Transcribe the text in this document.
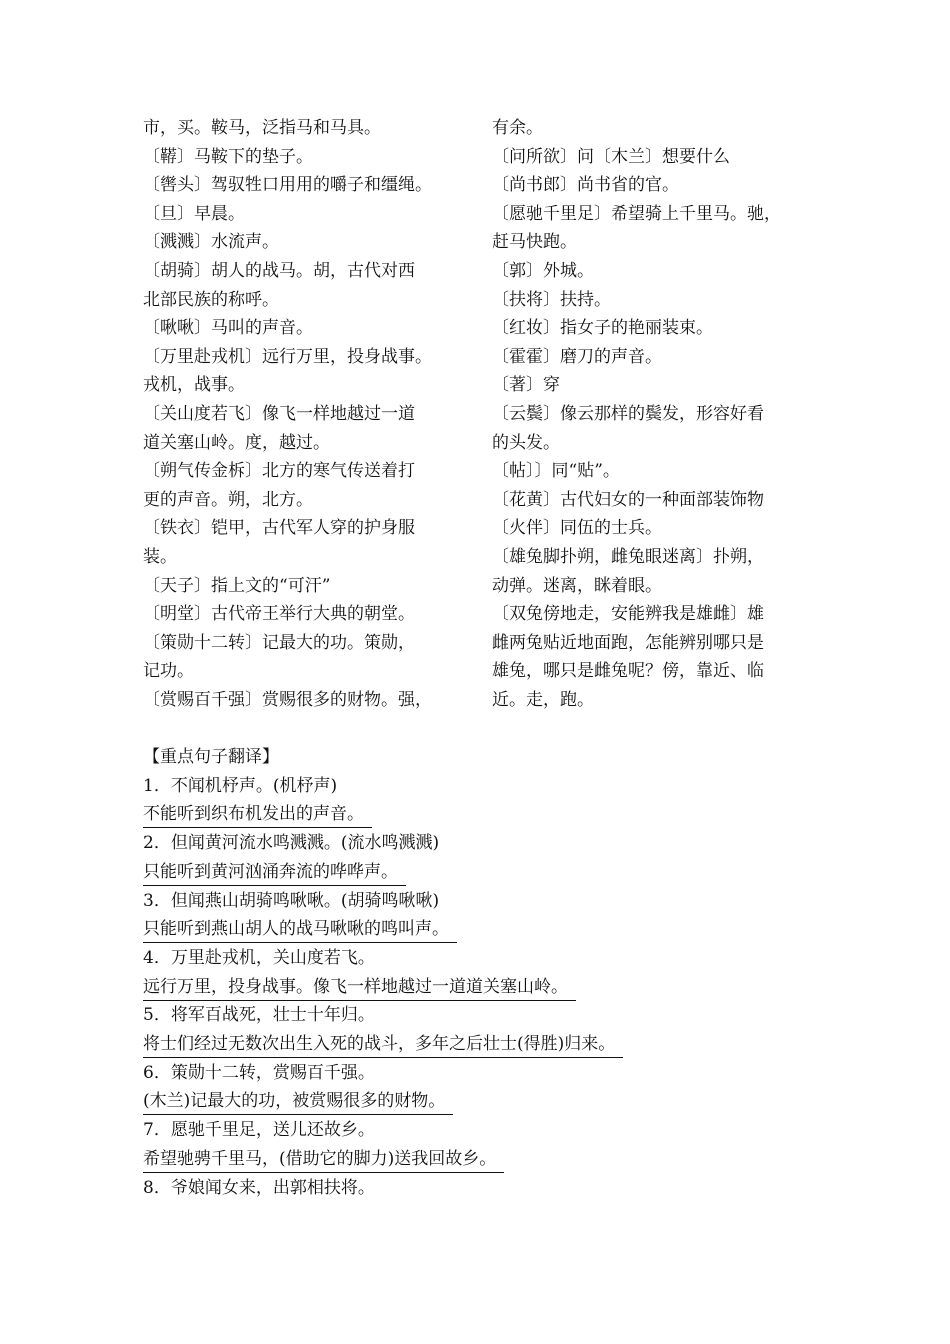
市，买。鞍马，泛指马和马具。

〔鞯〕马鞍下的垫子。

〔辔头〕驾驭牲口用用的嚼子和缰绳。

〔旦〕早晨。

〔溅溅〕水流声。

〔胡骑〕胡人的战马。胡，古代对西

北部民族的称呼。

〔啾啾〕马叫的声音。

〔万里赴戎机〕远行万里，投身战事。

戎机，战事。

〔关山度若飞〕像飞一样地越过一道

道关塞山岭。度，越过。

〔朔气传金柝〕北方的寒气传送着打

更的声音。朔，北方。

〔铁衣〕铠甲，古代军人穿的护身服

装。

〔天子〕指上文的“可汗”

〔明堂〕古代帝王举行大典的朝堂。

〔策勋十二转〕记最大的功。策勋，

记功。

〔赏赐百千强〕赏赐很多的财物。强，

有余。

〔问所欲〕问〔木兰〕想要什么

〔尚书郎〕尚书省的官。

〔愿驰千里足〕希望骑上千里马。驰，

赶马快跑。

〔郭〕外城。

〔扶将〕扶持。

〔红妆〕指女子的艳丽装束。

〔霍霍〕磨刀的声音。

〔著〕穿

〔云鬓〕像云那样的鬓发，形容好看

的头发。

〔帖〕〕同“贴”。

〔花黄〕古代妇女的一种面部装饰物

〔火伴〕同伍的士兵。

〔雄兔脚扑朔，雌兔眼迷离〕扑朔，

动弹。迷离，眯着眼。

〔双兔傍地走，安能辨我是雄雌〕雄

雌两兔贴近地面跑，怎能辨别哪只是

雄兔，哪只是雌兔呢？傍，靠近、临

近。走，跑。

【重点句子翻译】

1．不闻机杼声。(机杼声)

不能听到织布机发出的声音。

2．但闻黄河流水鸣溅溅。(流水鸣溅溅)

只能听到黄河汹涌奔流的哗哗声。

3．但闻燕山胡骑鸣啾啾。(胡骑鸣啾啾)

只能听到燕山胡人的战马啾啾的鸣叫声。

4．万里赴戎机，关山度若飞。

远行万里，投身战事。像飞一样地越过一道道关塞山岭。

5．将军百战死，壮士十年归。

将士们经过无数次出生入死的战斗，多年之后壮士(得胜)归来。

6．策勋十二转，赏赐百千强。

(木兰)记最大的功，被赏赐很多的财物。

7．愿驰千里足，送儿还故乡。

希望驰骋千里马，(借助它的脚力)送我回故乡。

8．爷娘闻女来，出郭相扶将。
